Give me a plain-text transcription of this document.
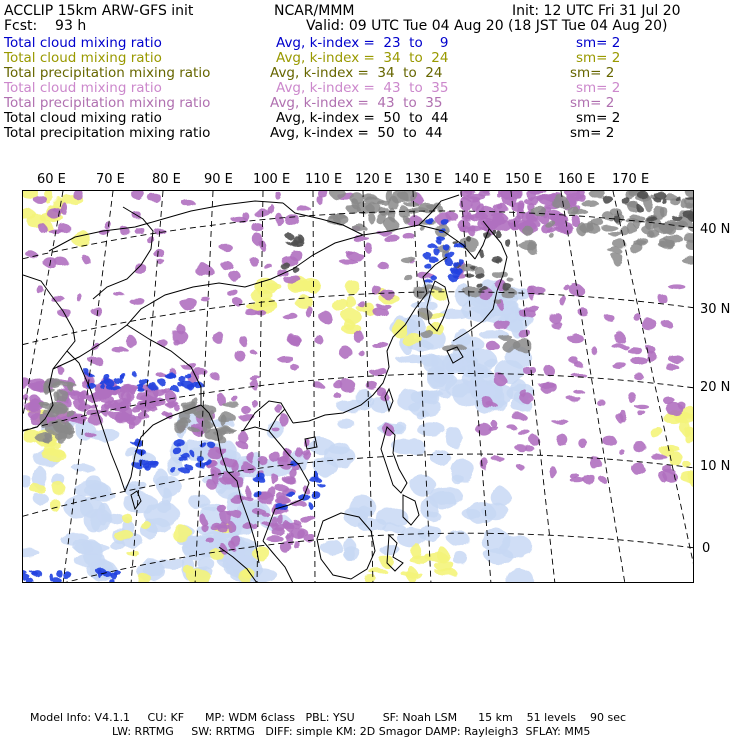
ACCLIP 15km ARW-GFS init	NCAR/MMM	Init: 12 UTC Fri 31 Jul 20
Fcst:    93 h	Valid: 09 UTC Tue 04 Aug 20 (18 JST Tue 04 Aug 20)
Total cloud mixing ratio	Avg, k-index =  23  to    9	sm= 2
Total cloud mixing ratio	Avg, k-index =  34  to  24	sm= 2
Total precipitation mixing ratio	Avg, k-index =  34  to  24	sm= 2
Total cloud mixing ratio	Avg, k-index =  43  to  35	sm= 2
Total precipitation mixing ratio	Avg, k-index =  43  to  35	sm= 2
Total cloud mixing ratio	Avg, k-index =  50  to  44	sm= 2
Total precipitation mixing ratio	Avg, k-index =  50  to  44	sm= 2
60 E 70 E 80 E 90 E 100 E 110 E 120 E 130 E 140 E 150 E 160 E 170 E
40 N
30 N
20 N
10 N
0
Model Info: V4.1.1     CU: KF      MP: WDM 6class   PBL: YSU        SF: Noah LSM      15 km    51 levels    90 sec
LW: RRTMG     SW: RRTMG   DIFF: simple KM: 2D Smagor DAMP: Rayleigh3  SFLAY: MM5
